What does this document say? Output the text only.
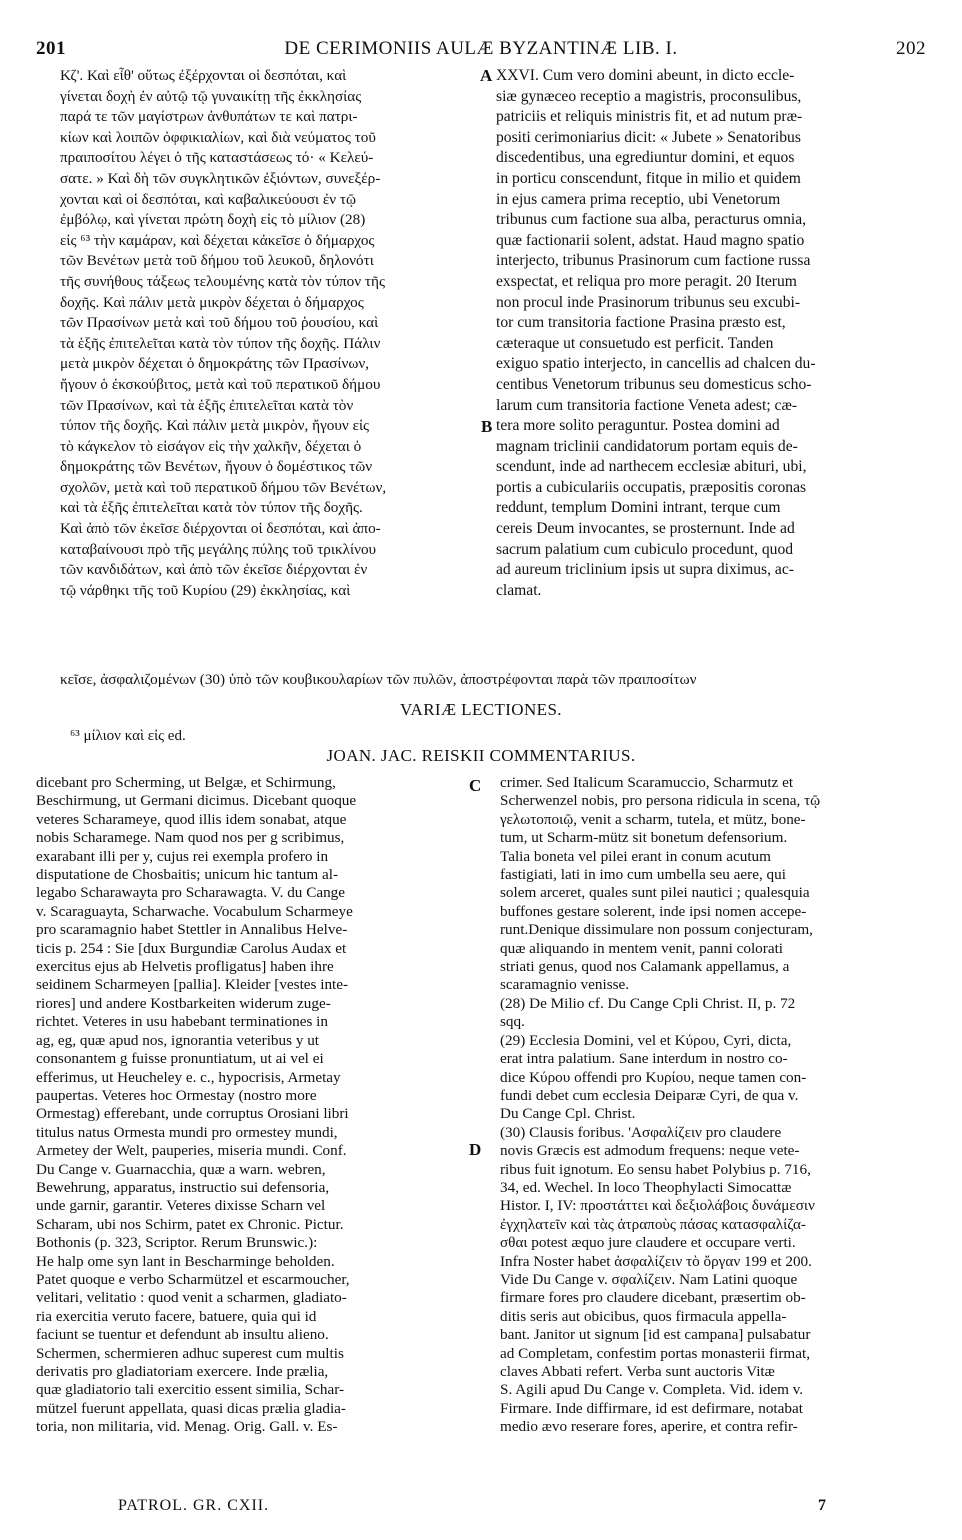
201	DE CERIMONIIS AULÆ BYZANTINÆ LIB. I.	202
Κζ'. Καὶ εἶθ' οὕτως ἐξέρχονται οἱ δεσπόται, καὶ
γίνεται δοχὴ ἐν αὐτῷ τῷ γυναικίτῃ τῆς ἐκκλησίας
παρά τε τῶν μαγίστρων ἀνθυπάτων τε καὶ πατρι-
κίων καὶ λοιπῶν ὀφφικιαλίων, καὶ διὰ νεύματος τοῦ
πραιποσίτου λέγει ὁ τῆς καταστάσεως τό· « Κελεύ-
σατε. » Καὶ δὴ τῶν συγκλητικῶν ἐξιόντων, συνεξέρ-
χονται καὶ οἱ δεσπόται, καὶ καβαλικεύουσι ἐν τῷ
ἐμβόλῳ, καὶ γίνεται πρώτη δοχὴ εἰς τὸ μίλιον (28)
εἰς ⁶³ τὴν καμάραν, καὶ δέχεται κἀκεῖσε ὁ δήμαρχος
τῶν Βενέτων μετὰ τοῦ δήμου τοῦ λευκοῦ, δηλονότι
τῆς συνήθους τάξεως τελουμένης κατὰ τὸν τύπον τῆς
δοχῆς. Καὶ πάλιν μετὰ μικρὸν δέχεται ὁ δήμαρχος
τῶν Πρασίνων μετὰ καὶ τοῦ δήμου τοῦ ῥουσίου, καὶ
τὰ ἑξῆς ἐπιτελεῖται κατὰ τὸν τύπον τῆς δοχῆς. Πάλιν
μετὰ μικρὸν δέχεται ὁ δημοκράτης τῶν Πρασίνων,
ἤγουν ὁ ἐκσκούβιτος, μετὰ καὶ τοῦ περατικοῦ δήμου
τῶν Πρασίνων, καὶ τὰ ἑξῆς ἐπιτελεῖται κατὰ τὸν
τύπον τῆς δοχῆς. Καὶ πάλιν μετὰ μικρὸν, ἤγουν εἰς
τὸ κάγκελον τὸ εἰσάγον εἰς τὴν χαλκῆν, δέχεται ὁ
δημοκράτης τῶν Βενέτων, ἤγουν ὁ δομέστικος τῶν
σχολῶν, μετὰ καὶ τοῦ περατικοῦ δήμου τῶν Βενέτων,
καὶ τὰ ἑξῆς ἐπιτελεῖται κατὰ τὸν τύπον τῆς δοχῆς.
Καὶ ἀπὸ τῶν ἐκεῖσε διέρχονται οἱ δεσπόται, καὶ ἀπο-
καταβαίνουσι πρὸ τῆς μεγάλης πύλης τοῦ τρικλίνου
τῶν κανδιδάτων, καὶ ἀπὸ τῶν ἐκεῖσε διέρχονται ἐν
τῷ νάρθηκι τῆς τοῦ Κυρίου (29) ἐκκλησίας, καὶ
XXVI. Cum vero domini abeunt, in dicto eccle-
siæ gynæceo receptio a magistris, proconsulibus,
patriciis et reliquis ministris fit, et ad nutum præ-
positi cerimoniarius dicit: « Jubete » Senatoribus
discedentibus, una egrediuntur domini, et equos
in porticu conscendunt, fitque in milio et quidem
in ejus camera prima receptio, ubi Venetorum
tribunus cum factione sua alba, peracturus omnia,
quæ factionarii solent, adstat. Haud magno spatio
interjecto, tribunus Prasinorum cum factione russa
exspectat, et reliqua pro more peragit. 20 Iterum
non procul inde Prasinorum tribunus seu excubi-
tor cum transitoria factione Prasina præsto est,
cæteraque ut consuetudo est perficit. Tanden
exiguo spatio interjecto, in cancellis ad chalcen du-
centibus Venetorum tribunus seu domesticus scho-
larum cum transitoria factione Veneta adest; cæ-
tera more solito peraguntur. Postea domini ad
magnam triclinii candidatorum portam equis de-
scendunt, inde ad narthecem ecclesiæ abituri, ubi,
portis a cubiculariis occupatis, præpositis coronas
reddunt, templum Domini intrant, terque cum
cereis Deum invocantes, se prosternunt. Inde ad
sacrum palatium cum cubiculo procedunt, quod
ad aureum triclinium ipsis ut supra diximus, ac-
clamat.
A
B
C
D
κεῖσε, ἀσφαλιζομένων (30) ὑπὸ τῶν κουβικουλαρίων τῶν πυλῶν, ἀποστρέφονται παρὰ τῶν πραιποσίτων
VARIÆ LECTIONES.
⁶³ μίλιον καὶ εἰς ed.
JOAN. JAC. REISKII COMMENTARIUS.
dicebant pro Scherming, ut Belgæ, et Schirmung,
Beschirmung, ut Germani dicimus. Dicebant quoque
veteres Scharameye, quod illis idem sonabat, atque
nobis Scharamege. Nam quod nos per g scribimus,
exarabant illi per y, cujus rei exempla profero in
disputatione de Chosbaitis; unicum hic tantum al-
legabo Scharawayta pro Scharawagta. V. du Cange
v. Scaraguayta, Scharwache. Vocabulum Scharmeye
pro scaramagnio habet Stettler in Annalibus Helve-
ticis p. 254 : Sie [dux Burgundiæ Carolus Audax et
exercitus ejus ab Helvetis profligatus] haben ihre
seidinem Scharmeyen [pallia]. Kleider [vestes inte-
riores] und andere Kostbarkeiten widerum zuge-
richtet. Veteres in usu habebant terminationes in
ag, eg, quæ apud nos, ignorantia veteribus y ut
consonantem g fuisse pronuntiatum, ut ai vel ei
efferimus, ut Heucheley e. c., hypocrisis, Armetay
paupertas. Veteres hoc Ormestay (nostro more
Ormestag) efferebant, unde corruptus Orosiani libri
titulus natus Ormesta mundi pro ormestey mundi,
Armetey der Welt, pauperies, miseria mundi. Conf.
Du Cange v. Guarnacchia, quæ a warn. webren,
Bewehrung, apparatus, instructio sui defensoria,
unde garnir, garantir. Veteres dixisse Scharn vel
Scharam, ubi nos Schirm, patet ex Chronic. Pictur.
Bothonis (p. 323, Scriptor. Rerum Brunswic.):
He halp ome syn lant in Bescharminge beholden.
Patet quoque e verbo Scharmützel et escarmoucher,
velitari, velitatio : quod venit a scharmen, gladiato-
ria exercitia veruto facere, batuere, quia qui id
faciunt se tuentur et defendunt ab insultu alieno.
Schermen, schermieren adhuc superest cum multis
derivatis pro gladiatoriam exercere. Inde prælia,
quæ gladiatorio tali exercitio essent similia, Schar-
mützel fuerunt appellata, quasi dicas prælia gladia-
toria, non militaria, vid. Menag. Orig. Gall. v. Es-
crimer. Sed Italicum Scaramuccio, Scharmutz et
Scherwenzel nobis, pro persona ridicula in scena, τῷ
γελωτοποιῷ, venit a scharm, tutela, et mütz, bone-
tum, ut Scharm-mütz sit bonetum defensorium.
Talia boneta vel pilei erant in conum acutum
fastigiati, lati in imo cum umbella seu aere, qui
solem arceret, quales sunt pilei nautici ; qualesquia
buffones gestare solerent, inde ipsi nomen accepe-
runt.Denique dissimulare non possum conjecturam,
quæ aliquando in mentem venit, panni colorati
striati genus, quod nos Calamank appellamus, a
scaramagnio venisse.
(28) De Milio cf. Du Cange Cpli Christ. II, p. 72
sqq.
(29) Ecclesia Domini, vel et Κύρου, Cyri, dicta,
erat intra palatium. Sane interdum in nostro co-
dice Κύρου offendi pro Κυρίου, neque tamen con-
fundi debet cum ecclesia Deiparæ Cyri, de qua v.
Du Cange Cpl. Christ.
(30) Clausis foribus. 'Ασφαλίζειν pro claudere
novis Græcis est admodum frequens: neque vete-
ribus fuit ignotum. Eo sensu habet Polybius p. 716,
34, ed. Wechel. In loco Theophylacti Simocattæ
Histor. I, IV: προστάττει καὶ δεξιολάβοις δυνάμεσιν
ἐγχηλατεῖν καὶ τὰς ἀτραποὺς πάσας κατασφαλίζα-
σθαι potest æquo jure claudere et occupare verti.
Infra Noster habet ἀσφαλίζειν τὸ ὄργαν 199 et 200.
Vide Du Cange v. σφαλίζειν. Nam Latini quoque
firmare fores pro claudere dicebant, præsertim ob-
ditis seris aut obicibus, quos firmacula appella-
bant. Janitor ut signum [id est campana] pulsabatur
ad Completam, confestim portas monasterii firmat,
claves Abbati refert. Verba sunt auctoris Vitæ
S. Agili apud Du Cange v. Completa. Vid. idem v.
Firmare. Inde diffirmare, id est defirmare, notabat
medio ævo reserare fores, aperire, et contra refir-
PATROL. GR. CXII.	7
